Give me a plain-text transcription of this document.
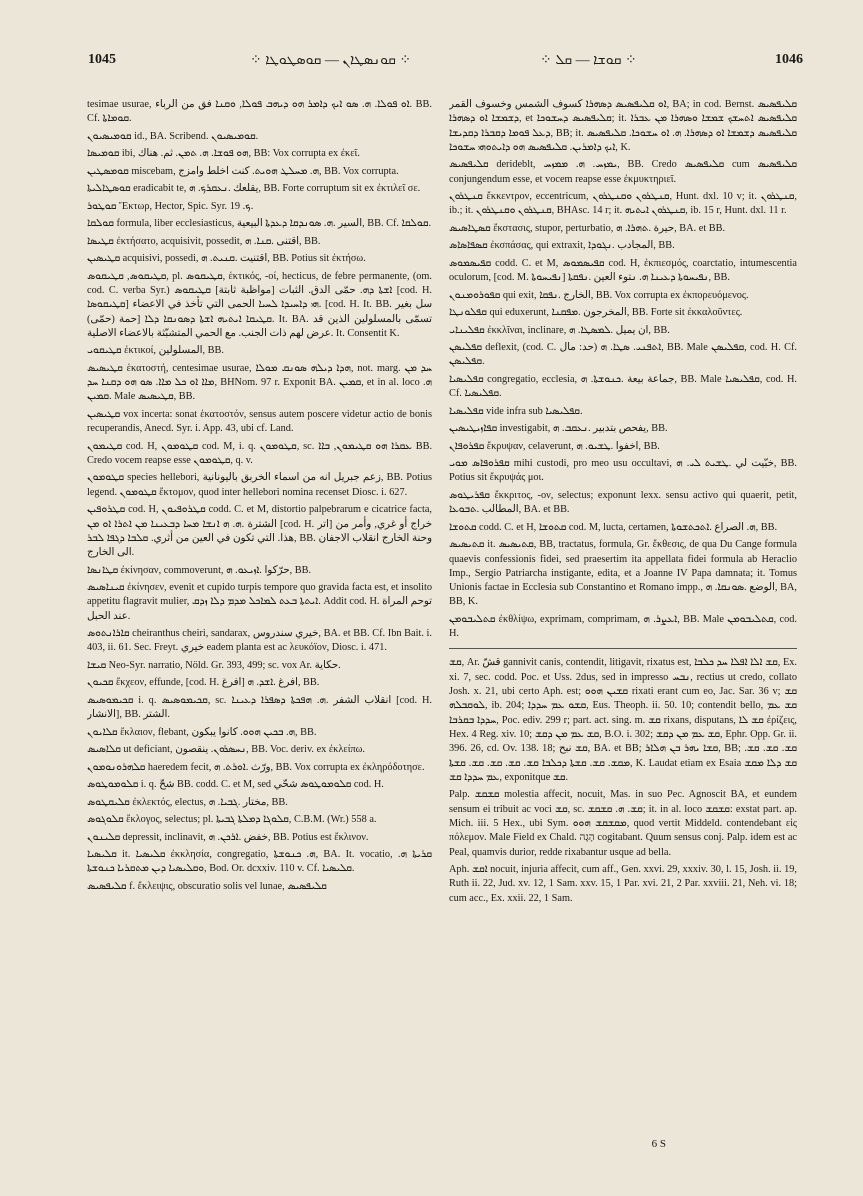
1045	⁘ ܩܘܢܣܛܐܢ — ܩܘܣܛܘܛܐ ⁘	⁘ ܩܘܫܐ — ܩܠ ⁘	1046

tesimae usurae, ܐܘ ܦܘܠܐ. ܗ. ܣܘ ܐܝܟ ܕܐܡܪ ܗܘ ܕܝܗܒ ܦܘܠܐ, ܘܩܢܐ فق من الرباء. BB. Cf. ܩܘܡܐܬܐ.

ܩܘܡܝܣܝܘܢ id., BA. Scribend. ܩܘܡܝܣܝܘܢ.

ܩܘܡܝܣܐ ibi, ܗܘ ܦܘܫܐ. ܗ. ܬܡܢ. ثم. هناك, BB: Vox corrupta ex ἐκεῖ.

ܩܘܡܣܛܝܢ miscebam, ܗ. ܡܚܠܛ ܗܘܝܬ. كنت اخلط وامزج, BB. Vox corrupta.

ܩܘܣܛܐܠܝܬܐ eradicabit te, يقلعك .ܢܥܩܪܟ. ܗ, BB. Forte corruptum sit ex ἐκτιλεῖ σε.

ܩܘܛܘܪ Ἕκτωρ, Hector, Spic. Syr. ܟ. 19.

ܩܘܠܩܐ formula, liber ecclesiasticus, السير .ܗ. ܣܘܢܕܩܐ ܕܥܕܬܐ البيعية, BB. Cf. ܩܘܠܩܐ.

ܩܛܝܣܐ ἐκτήσατο, acquisivit, possedit, اقتنى .ܩܢܐ. ܗ, BB.

ܩܛܝܣܝܢ acquisivi, possedi, اقتنيت .ܩܢܝܬ. ܗ, BB. Potius sit ἐκτήσω.

ܩܛܝܩܘܣ, ܩܛܝܩܘܣ, pl. ܩܛܝܩܘܣ, ἑκτικός, -οί, hecticus, de febre permanente, (om. cod. C. verba Syr.) ܐܫܬܐ ܕܗ. حمّى الدق. الثبات [مواظبة ثابتة] ܩܛܝܩܘܣ [cod. H. ܩܛܝܩܘܣܐ] ܗܝ ܕܐܚܝܕܐ ܠܚܝܐ الحمى التي تأخذ في الاعضاء. [cod. H. It. BB. سل بغير حمة (حمّى)] ܩܛܝܩܐ ܐܝܬܝܗ ܐܫܬܐ ܕܣܘܢܩܐ ܕܠܐ. It. BA. تسمّى بالمسلولين الذين قد عرض لهم ذات الجنب. مع الحمي المتشبّثة بالاعضاء الاصلية. It. Consentit K.

ܩܛܝܩܘܝ ἐκτικοί, المسلولين, BB.

ܩܛܝܣܝܣ ἑκατοστή, centesimae usurae, ܗܕܐ ܕܝܠܗ ܣܘܢܩ ܡܘܠܐ, not. marg. ܚܕ ܡܢ ܡܐܐ ܐܘ ܟܠ ܡܐܐ. ܣܘ ܗܘ ܕܩܢܐ ܚܕ, BHNom. 97 r. Exponit BA. ܩܡܝܢ, et in al. loco ܗ. ܩܡܝܢ. Male ܩܛܝܣܝܣ, BB.

ܩܛܝܣܝܢ vox incerta: sonat ἑκατοστόν, sensus autem poscere videtur actio de bonis recuperandis, Anecd. Syr. i. App. 43, ubi cf. Land.

ܩܛܝܡܘܢ cod. H, ܩܛܘܡܘܢ cod. M, i. q. ܩܛܘܡܘܢ, sc. ܥܩܪܐ ܗܘ ܩܛܝܡܘܢ, ܒܐܐ BB. Credo vocem reapse esse ܩܛܘܡܘܢ, q. v.

ܩܛܘܡܘܢ species hellebori, زعم جبريل انه من اسماء الخربق باليونانية, BB. Potius legend. ܩܛܘܡܘܢ ἔκτομον, quod inter hellebori nomina recenset Diosc. i. 627.

ܩܛܪܘܦܝܢ cod. H, ܩܛܪܘܦܝܘܢ codd. C. et M, distortio palpebrarum e cicatrice facta, الشترة .ܗ. ܗ ܐܢܫܐ ܡܚܐ ܕܒܥܝܢܐ ܡܢ ܐܬܪܐ ܐܘ ܡܢ [cod. H. اتر] خراج أو غري, وأمر من هذا. التي تكون في العين من أثري. ܩܠܒܐ ܕܓܦܐ ܠܒܪ, BB. وحنة الخارج انقلاب الاجفان الى الخارج.

ܩܛܐܢܣܐ ἐκίνησαν, commoverunt, حرّكوا .ܐܙܝܥܘ. ܗ, BB.

ܩܝܢܐܣܝܣ ἐκίνησεν, evenit et cupido turpis tempore quo gravida facta est, et insolito appetitu flagravit mulier, ܐܝܬܬܐ ܒܥܬ ܠܡܐܟܠ ܡܕܡ ܕܠܐ ܙܕܩ. Addit cod. H. توحم المراة عند الحبل.

ܩܐܪܐܢܬܘܣ cheiranthus cheiri, sandarax, خيري سندروس, BA. et BB. Cf. Ibn Bait. i. 403, ii. 61. Sec. Freyt. خيري eadem planta est ac λευκόϊον, Diosc. i. 471.

ܩܝܫܐ Neo-Syr. narratio, Nöld. Gr. 393, 499; sc. vox Ar. حكاية.

ܩܟܝܘܢ ἔκχεον, effunde, [cod. H. افرغ] افرغ .ܐܫܕ. ܗ, BB.

ܩܟܝܡܘܣܝܣ i. q. ܩܟܝܡܘܣܝܣ, sc. انقلاب الشفر .ܗ. ܗܦܟܬܐ ܕܣܦܪܐ ܕܥܝܢܐ [cod. H. الانشار], BB. الشتر.

ܩܠܐܝܘܢ ἔκλαιον, flebant, ܗ. ܒܟܝܢ ܗܘܘ. كانوا يبكون, BB.

ܩܠܐܣܝܣ ut deficiant, ܢܚܣܪܘܢ. ينقصون, BB. Voc. deriv. ex ἐκλείπω.

ܩܠܗܪܘܢܘܡܘܢ haeredem fecit, ورّث .ܐܘܪܬ. ܗ, BB. Vox corrupta ex ἐκληρόδοτησε.

ܩܠܘܡܘܛܘܣ i. q. شحّ BB. codd. C. et M, sed ܩܠܘܡܘܛܘܣ شحّي cod. H.

ܩܠܝܩܛܘܣ ἐκλεκτός, electus, مختار .ܓܒܝܐ. ܗ, BB.

ܩܠܘܓܘܣ ἔκλογος, selectus; pl. ܩܠܘܓܐ ܕܡܠܬܐ ܓܒܝܬܐ, C.B.M. (Wr.) 558 a.

ܩܠܝܢܘܢ depressit, inclinavit, خفض .ܐܪܟܢ. ܗ, BB. Potius est ἔκλινον.

ܩܠܝܣܝܐ it. ܩܠܝܣܝܐ ἐκκλησία, congregatio, ܗ. ܟܢܘܫܬܐ, BA. It. vocatio, ܩܪܝܬܐ ܗ. ܘܩܠܝܣܝܐ ܕܝܢ ܡܬܩܪܝܐ ܟܢܘܫܬܐ, Bod. Or. dcxxiv. 110 v. Cf. ܩܠܝܣܝܐ.

ܩܠܝܦܣܝܣ f. ἔκλειψις, obscuratio solis vel lunae, ܩܠܝܦܣܝܣ

ܐܘ ܩܠܝܦܣܝܣ ܕܣܗܪܐ كسوف الشمس وخسوف القمر, BA; in cod. Bernst. ܩܠܝܦܣܝܣ ܕܫܡܫܐ ܐܘ ܕܣܗܪܐ, et ܩܠܝܦܣܝܣ ܕܚܫܘܟܐ; it. ܩܠܝܦܣܝܣ ܐܬܚܫܟ ܫܡܫܐ ܘܣܗܪܐ ܡܢ ܥܒܪܐ ܕܥܠ ܦܘܡܐ ܕܩܒܪܐ ܕܩܕܝܫܐ, BB; it. ܩܠܝܦܣܝܣ ܕܫܡܫܐ ܐܘ ܕܣܗܪܐ. ܗ. ܐܘ ܚܫܘܟܐ. ܩܠܝܦܣܝܣ ܐܝܟ ܕܐܡܪܝܢ. ܩܠܝܦܣܝܣ ܗܘ ܕܐܝܬܘܗܝ ܚܫܘܟܐ, K.

ܩܠܝܦܣܝܣ derideblt, ܝܡܙܚ. ܗ. ܡܡܙܚ, BB. Credo ܩܠܝܦܣܝܣ cum ܩܠܝܦܣܝܣ conjungendum esse, et vocem reapse esse ἐκμυκτηριεῖ.

ܩܢܛܪܘܢ ἔκκεντρον, eccentricum, ܩܢܛܪܘܢ ܘܩܢܛܪܘܢ, Hunt. dxl. 10 v; it. ܩܢܛܪܘܢ, ib.; it. ܩܢܛܪܘܢ ܘܩܢܛܪܘܢ, BHAsc. 14 r; it. ܩܢܛܪܘܢ ܐܝܬܝܗ, ib. 15 r, Hunt. dxl. 11 r.

ܩܣܛܐܣܝܣ ἔκστασις, stupor, perturbatio, حيرة .ܬܗܪܐ. ܗ, BA. et BB.

ܩܣܦܐܣܐܣ ἐκσπάσας, qui extraxit, المجادب .ܢܓܘܕܐ, BB.

ܩܦܝܣܡܘܣ codd. C. et M, ܩܦܝܣܡܘܣ cod. H, ἐκπιεσμός, coarctatio, intumescentia oculorum, [cod. M. ܢܦܝܚܘܬܐ] ܢܦܝܚܘܬܐ ܕܥܝܢܐ ܗ. ܢتوء العين .ܢܦܩܬܐ, BB.

ܩܦܘܪܘܡܢܘܢ qui exit, الخارج .ܢܦܩܐ, BB. Vox corrupta ex ἐκπορευόμενος.

ܩܦܠܘܢܛܐ qui eduxerunt, المخرجون .ܡܦܩܢܐ, BB. Forte sit ἐκκαλοῦντες.

ܩܦܠܝܢܐܝ ἐκκλῖναι, inclinare, ان يميل .ܠܡܣܛܐ. ܗ, BB.

ܩܦܠܝܣܢ deflexit, (cod. C. حد: مال) ܐܬܦܢܝ. ܣܛܐ. ܗ, BB. Male ܩܦܠܝܣܢ, cod. H. Cf. ܩܦܠܝܣܢ.

ܩܦܠܝܣܝܐ congregatio, ecclesia, جماعة بيعة .ܟܢܘܫܬܐ. ܗ, BB. Male ܩܦܠܝܣܝܐ, cod. H. Cf. ܩܦܠܝܣܝܐ.

ܩܦܠܝܣܝܐ vide infra sub ܩܦܠܝܣܝܐ.

ܩܦܐܙܝܛܝܣܝܢ investigabit, يفحص بتدبير .ܢܥܩܒ. ܗ, BB.

ܩܦܪܘܦܐܢ ἔκρυψαν, celaverunt, اخفوا .ܛܫܝܘ. ܗ, BB.

ܩܦܪܘܦܐܣ ܡܘܝ mihi custodi, pro meo usu occultavi, خبّيت لي .ܛܫܝܬ ܠܝ. ܗ, BB. Potius sit ἔκρυψάς μοι.

ܩܦܪܝܛܘܣ ἔκκριτος, -ον, selectus; exponunt lexx. sensu activo qui quaerit, petit, المطالب .ܬܒܘܥܐ, BA. et BB.

ܩܬܘܫܐ codd. C. et H, ܩܬܘܫܐ cod. M, lucta, certamen, ܗ. الصراع .ܐܬܟܬܫܘܬܐ, BB.

ܩܬܝܣܝܣ it. ܩܬܝܣܝܣ, BB, tractatus, formula, Gr. ἔκθεσις, de qua Du Cange formula quaevis confessionis fidei, sed praesertim ita appellata fidei formula ab Heraclio Imp., Sergio Patriarcha instigante, edita, et a Joanne IV Papa damnata; it. Tomus Unionis factae in Ecclesia sub Constantino et Romano impp., الوضع .ܣܘܢܩܐ. ܗ, BA, BB, K.

ܩܬܠܝܒܘܡܢ ἐκθλίψω, exprimam, comprimam, ܐܥܨܪ. ܗ, BB. Male ܩܬܠܝܒܘܡܢ, cod. H.

ܩܫ, Ar. قشّ gannivit canis, contendit, litigavit, rixatus est, ܩܫ ܐܠܐ ܐܦܠܐ ܚܕ ܟܠܒܐ, Ex. xi. 7, sec. codd. Poc. et Uss. 2dus, sed in impresso ܢܒܚ, rectius ut credo, collato Josh. x. 21, ubi certo Aph. est; ܩܫܝܢ ܗܘܘ rixati erant cum eo, Jac. Sar. 36 v; ܩܫ ܠܘܩܒܠܗ, ib. 204; ܩܫܘ ܥܡ ܚܕܕܐ, Eus. Theoph. ii. 50. 10; contendit bello, ܩܫ ܥܡ ܚܕܕܐ ܒܩܪܒܐ, Poc. ediv. 299 r; part. act. sing. m. ܩܫ rixans, disputans, ܩܫ ܠܐ ἐρίζεις, Hex. 4 Reg. xiv. 10; ܩܫ ܥܡ ܡܢ ܕܩܫ, B.O. i. 302; ܩܫ ܥܡ ܡܢ ܕܩܫ, Ephr. Opp. Gr. ii. 396. 26, cd. Ov. 138. 18; ܩܫ نبح, BA. et BB; ܩܫܐ ܝܗܪ ܒܢ ܗܠܐܪ, BB; ܩܫ. ܩܫ. ܩܫ. ܡܩܫ. ܩܫ. ܩܫܬܐ ܕܟܠܒܐ ܩܫ. ܩܫ. ܩܫ. ܩܫ. ܩܫܬܐ, K. Laudat etiam ex Esaia ܩܫ ܕܠܐ ܡܩܫ ܥܡ ܚܕܕܐ ܩܫ, exponitque ܩܫ.

Palp. ܩܫܩܫ molestia affecit, nocuit, Mas. in suo Pec. Agnoscit BA, et eundem sensum ei tribuit ac voci ܩܫ, sc. ܩܫ. ܗ. ܩܫܩܫ; it. in al. loco ܩܫܩܫ: exstat part. ap. Mich. iii. 5 Hex., ubi Sym. ܡܩܫܩܫ ܗܘܘ, quod vertit Middeld. contendebant εἰς πόλεμον. Male Field ex Chald. הָגָה cogitabant. Quum sensus conj. Palp. idem est ac Peal, quamvis durior, redde rixabantur usque ad bella.

Aph. ܐܩܫ nocuit, injuria affecit, cum aff., Gen. xxvi. 29, xxxiv. 30, l. 15, Josh. ii. 19, Ruth ii. 22, Jud. xv. 12, 1 Sam. xxv. 15, 1 Par. xvi. 21, 2 Par. xxviii. 21, Neh. vi. 18; cum acc., Ex. xxii. 22, 1 Sam.

6 S
